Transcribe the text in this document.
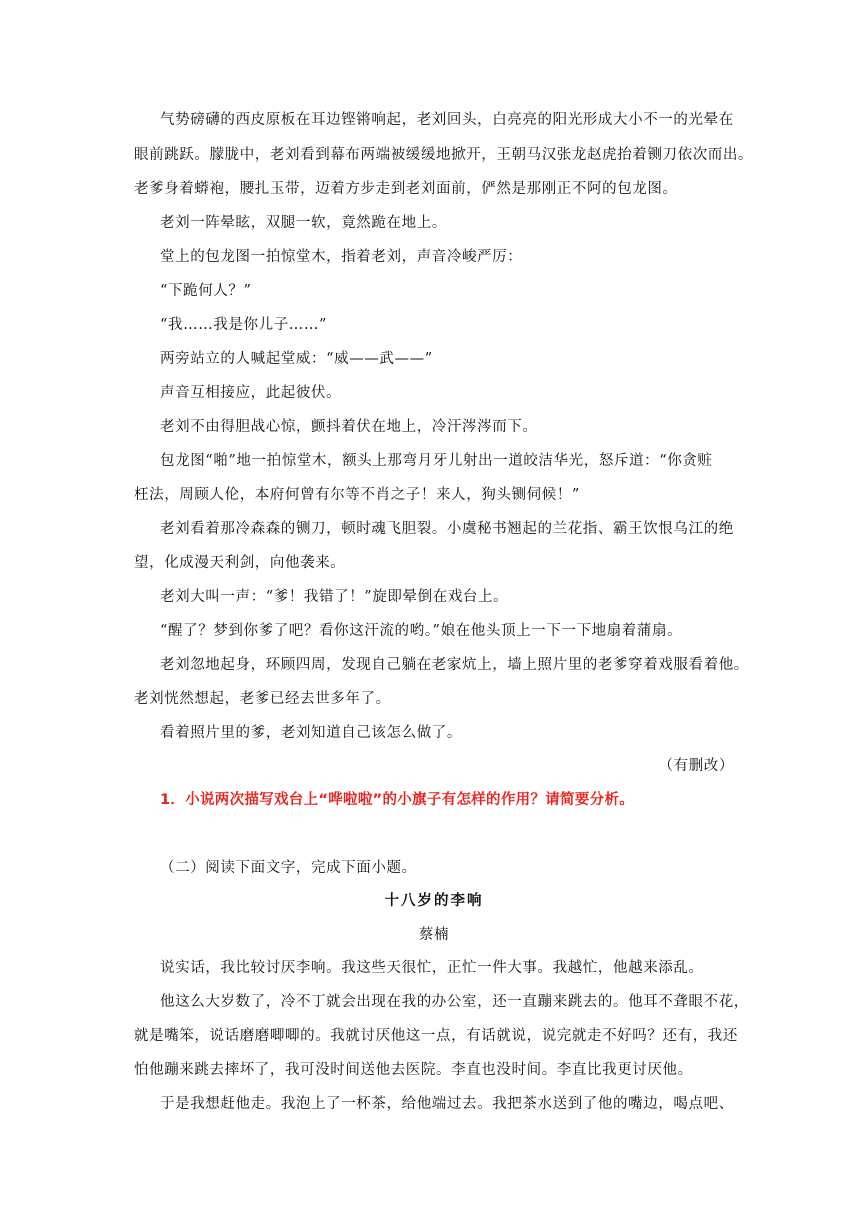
气势磅礴的西皮原板在耳边铿锵响起，老刘回头，白亮亮的阳光形成大小不一的光晕在
眼前跳跃。朦胧中，老刘看到幕布两端被缓缓地掀开，王朝马汉张龙赵虎抬着铡刀依次而出。
老爹身着蟒袍，腰扎玉带，迈着方步走到老刘面前，俨然是那刚正不阿的包龙图。
老刘一阵晕眩，双腿一软，竟然跪在地上。
堂上的包龙图一拍惊堂木，指着老刘，声音冷峻严厉：
“下跪何人？”
“我……我是你儿子……”
两旁站立的人喊起堂威：“威——武——”
声音互相接应，此起彼伏。
老刘不由得胆战心惊，颤抖着伏在地上，冷汗涔涔而下。
包龙图“啪”地一拍惊堂木，额头上那弯月牙儿射出一道皎洁华光，怒斥道：“你贪赃
枉法，周顾人伦，本府何曾有尔等不肖之子！来人，狗头铡伺候！”
老刘看着那冷森森的铡刀，顿时魂飞胆裂。小虞秘书翘起的兰花指、霸王饮恨乌江的绝
望，化成漫天利剑，向他袭来。
老刘大叫一声：“爹！我错了！”旋即晕倒在戏台上。
“醒了？梦到你爹了吧？看你这汗流的哟。”娘在他头顶上一下一下地扇着蒲扇。
老刘忽地起身，环顾四周，发现自己躺在老家炕上，墙上照片里的老爹穿着戏服看着他。
老刘恍然想起，老爹已经去世多年了。
看着照片里的爹，老刘知道自己该怎么做了。
（有删改）
1．小说两次描写戏台上“哗啦啦”的小旗子有怎样的作用？请简要分析。
（二）阅读下面文字，完成下面小题。
十八岁的李响
蔡楠
说实话，我比较讨厌李响。我这些天很忙，正忙一件大事。我越忙，他越来添乱。
他这么大岁数了，冷不丁就会出现在我的办公室，还一直蹦来跳去的。他耳不聋眼不花，
就是嘴笨，说话磨磨唧唧的。我就讨厌他这一点，有话就说，说完就走不好吗？还有，我还
怕他蹦来跳去摔坏了，我可没时间送他去医院。李直也没时间。李直比我更讨厌他。
于是我想赶他走。我泡上了一杯茶，给他端过去。我把茶水送到了他的嘴边，喝点吧、
